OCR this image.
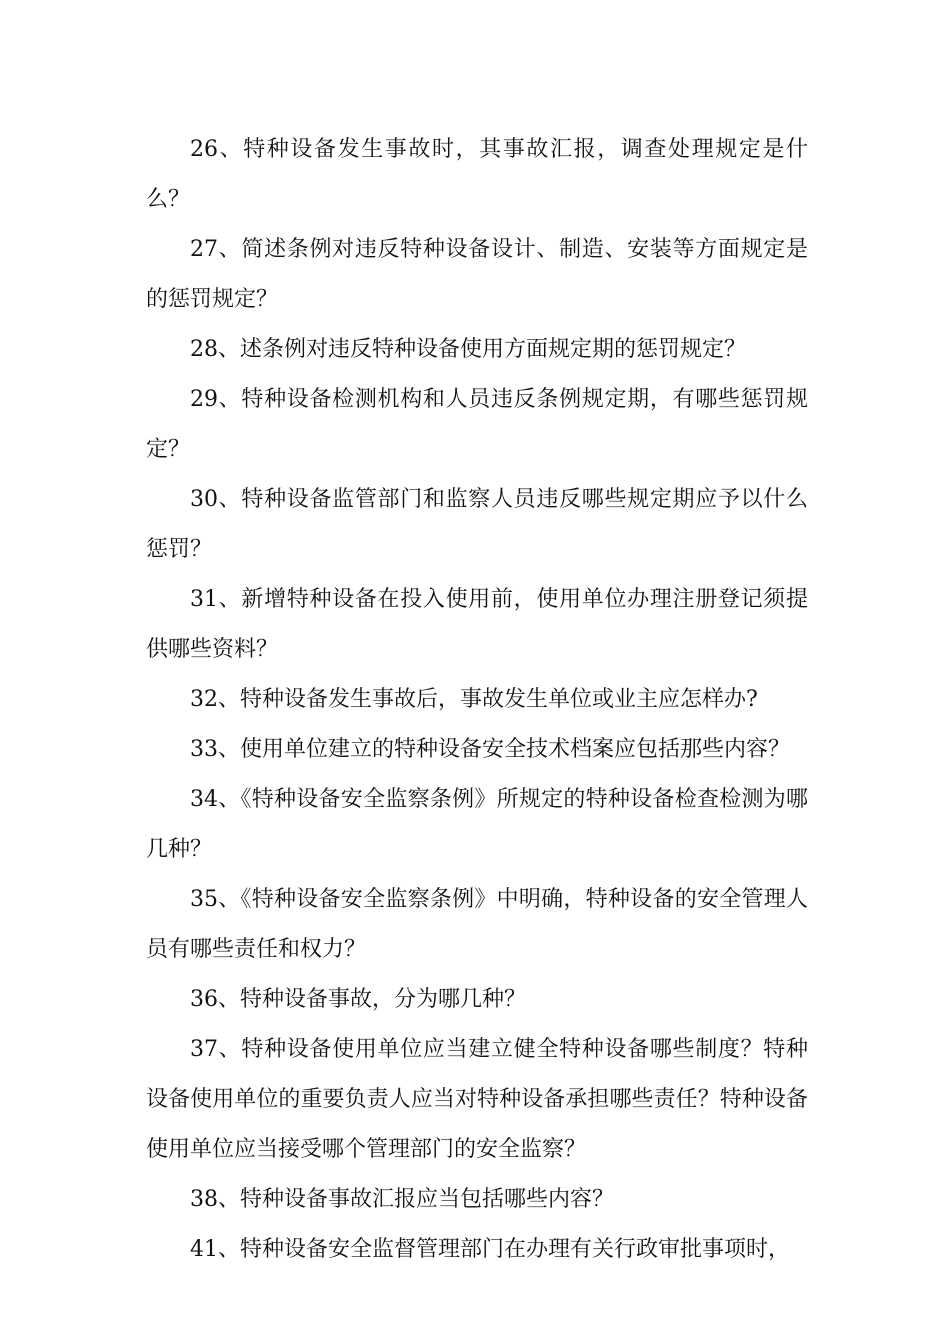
26、特种设备发生事故时，其事故汇报，调查处理规定是什么？

27、简述条例对违反特种设备设计、制造、安装等方面规定是的惩罚规定？

28、述条例对违反特种设备使用方面规定期的惩罚规定？

29、特种设备检测机构和人员违反条例规定期，有哪些惩罚规定？

30、特种设备监管部门和监察人员违反哪些规定期应予以什么惩罚？

31、新增特种设备在投入使用前，使用单位办理注册登记须提供哪些资料？

32、特种设备发生事故后，事故发生单位或业主应怎样办?

33、使用单位建立的特种设备安全技术档案应包括那些内容？

34、《特种设备安全监察条例》所规定的特种设备检查检测为哪几种？

35、《特种设备安全监察条例》中明确，特种设备的安全管理人员有哪些责任和权力？

36、特种设备事故，分为哪几种？

37、特种设备使用单位应当建立健全特种设备哪些制度？特种设备使用单位的重要负责人应当对特种设备承担哪些责任？特种设备使用单位应当接受哪个管理部门的安全监察？

38、特种设备事故汇报应当包括哪些内容？

41、特种设备安全监督管理部门在办理有关行政审批事项时，
